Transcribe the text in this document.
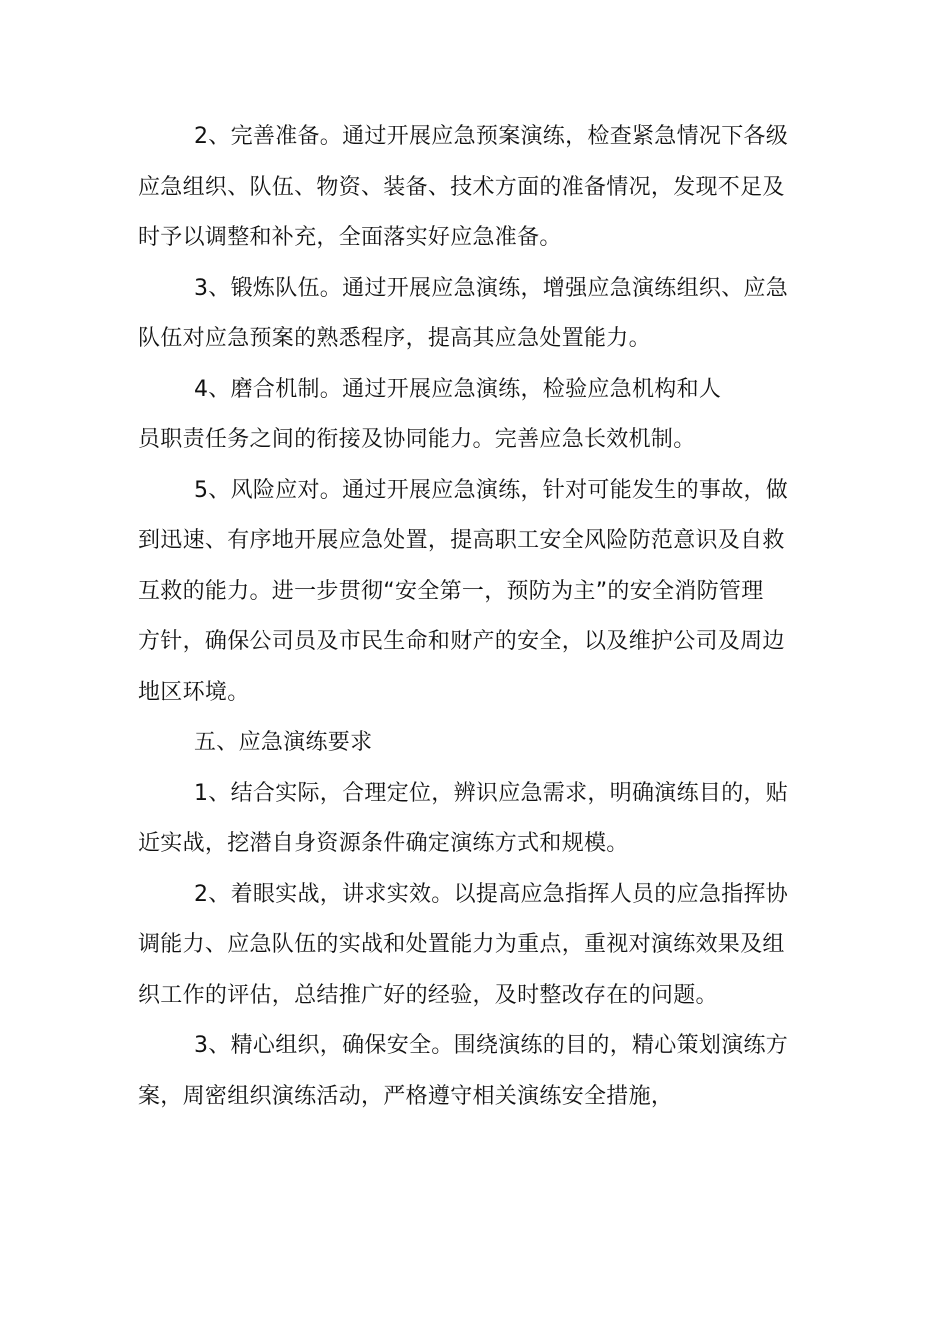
2、完善准备。通过开展应急预案演练，检查紧急情况下各级
应急组织、队伍、物资、装备、技术方面的准备情况，发现不足及
时予以调整和补充，全面落实好应急准备。
3、锻炼队伍。通过开展应急演练，增强应急演练组织、应急
队伍对应急预案的熟悉程序，提高其应急处置能力。
4、磨合机制。通过开展应急演练，检验应急机构和人
员职责任务之间的衔接及协同能力。完善应急长效机制。
5、风险应对。通过开展应急演练，针对可能发生的事故，做
到迅速、有序地开展应急处置，提高职工安全风险防范意识及自救
互救的能力。进一步贯彻“安全第一，预防为主”的安全消防管理
方针，确保公司员及市民生命和财产的安全，以及维护公司及周边
地区环境。
五、应急演练要求
1、结合实际，合理定位，辨识应急需求，明确演练目的，贴
近实战，挖潜自身资源条件确定演练方式和规模。
2、着眼实战，讲求实效。以提高应急指挥人员的应急指挥协
调能力、应急队伍的实战和处置能力为重点，重视对演练效果及组
织工作的评估，总结推广好的经验，及时整改存在的问题。
3、精心组织，确保安全。围绕演练的目的，精心策划演练方
案，周密组织演练活动，严格遵守相关演练安全措施，
